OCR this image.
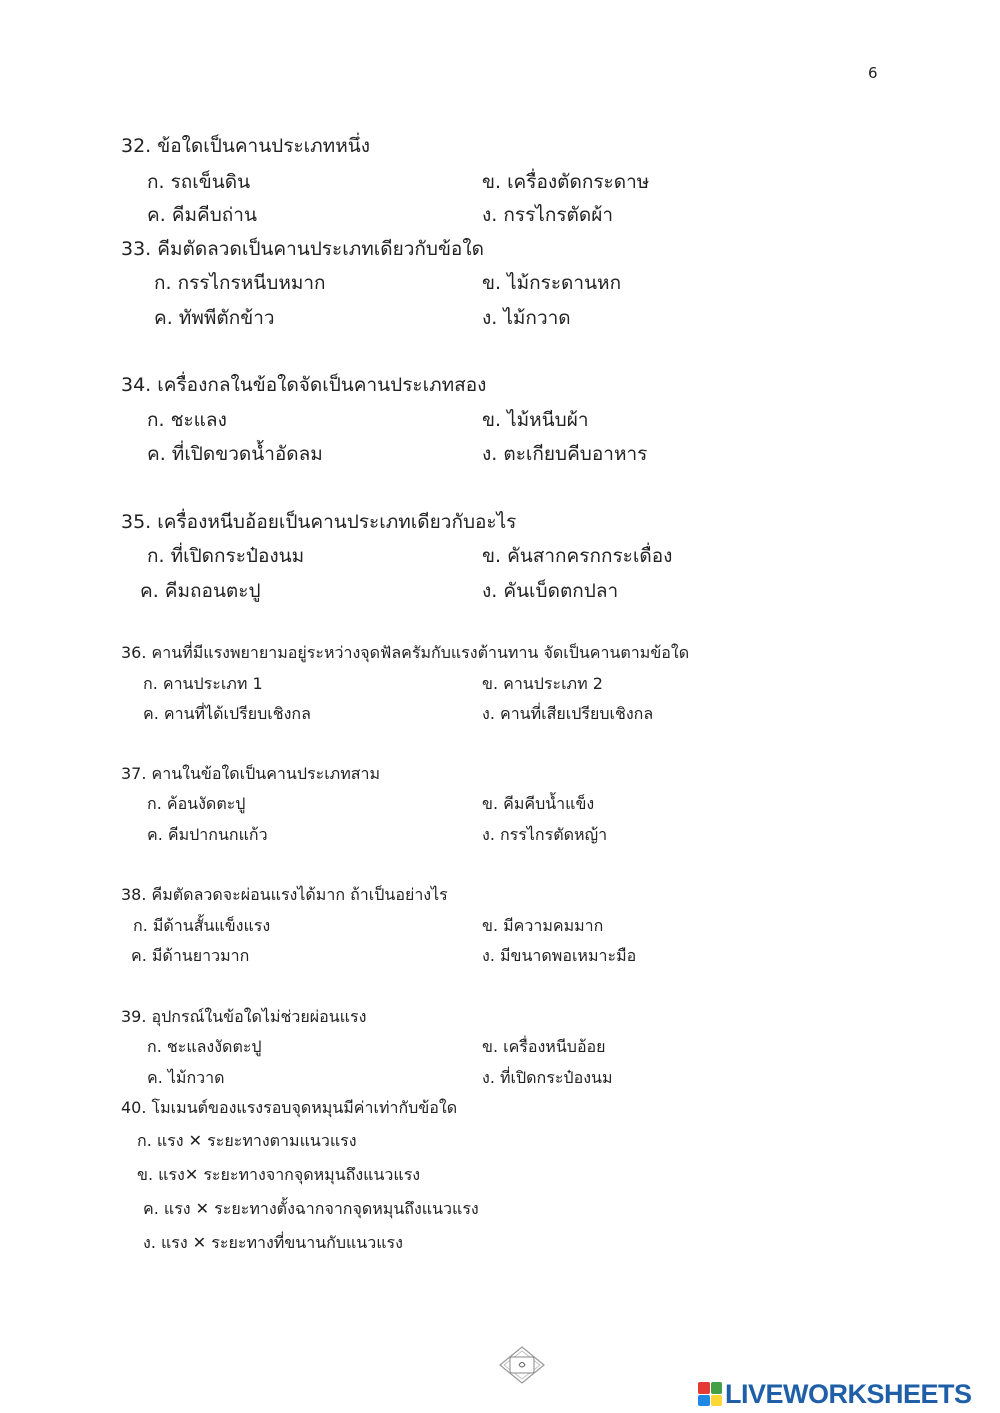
6
32. ข้อใดเป็นคานประเภทหนึ่ง
ก. รถเข็นดิน	ข. เครื่องตัดกระดาษ
ค. คีมคีบถ่าน	ง. กรรไกรตัดผ้า
33. คีมตัดลวดเป็นคานประเภทเดียวกับข้อใด
ก. กรรไกรหนีบหมาก	ข. ไม้กระดานหก
ค. ทัพพีตักข้าว	ง. ไม้กวาด
34. เครื่องกลในข้อใดจัดเป็นคานประเภทสอง
ก. ชะแลง	ข. ไม้หนีบผ้า
ค. ที่เปิดขวดน้ำอัดลม	ง. ตะเกียบคีบอาหาร
35. เครื่องหนีบอ้อยเป็นคานประเภทเดียวกับอะไร
ก. ที่เปิดกระป๋องนม	ข. คันสากครกกระเดื่อง
ค. คีมถอนตะปู	ง. คันเบ็ดตกปลา
36. คานที่มีแรงพยายามอยู่ระหว่างจุดฟัลครัมกับแรงต้านทาน จัดเป็นคานตามข้อใด
ก. คานประเภท 1	ข. คานประเภท 2
ค. คานที่ได้เปรียบเชิงกล	ง. คานที่เสียเปรียบเชิงกล
37. คานในข้อใดเป็นคานประเภทสาม
ก. ค้อนงัดตะปู	ข. คีมคีบน้ำแข็ง
ค. คีมปากนกแก้ว	ง. กรรไกรตัดหญ้า
38. คีมตัดลวดจะผ่อนแรงได้มาก ถ้าเป็นอย่างไร
ก. มีด้านสั้นแข็งแรง	ข. มีความคมมาก
ค. มีด้านยาวมาก	ง. มีขนาดพอเหมาะมือ
39. อุปกรณ์ในข้อใดไม่ช่วยผ่อนแรง
ก. ชะแลงงัดตะปู	ข. เครื่องหนีบอ้อย
ค. ไม้กวาด	ง. ที่เปิดกระป๋องนม
40. โมเมนต์ของแรงรอบจุดหมุนมีค่าเท่ากับข้อใด
ก. แรง ✕ ระยะทางตามแนวแรง
ข. แรง✕ ระยะทางจากจุดหมุนถึงแนวแรง
ค. แรง ✕ ระยะทางตั้งฉากจากจุดหมุนถึงแนวแรง
ง. แรง ✕ ระยะทางที่ขนานกับแนวแรง
LIVEWORKSHEETS
